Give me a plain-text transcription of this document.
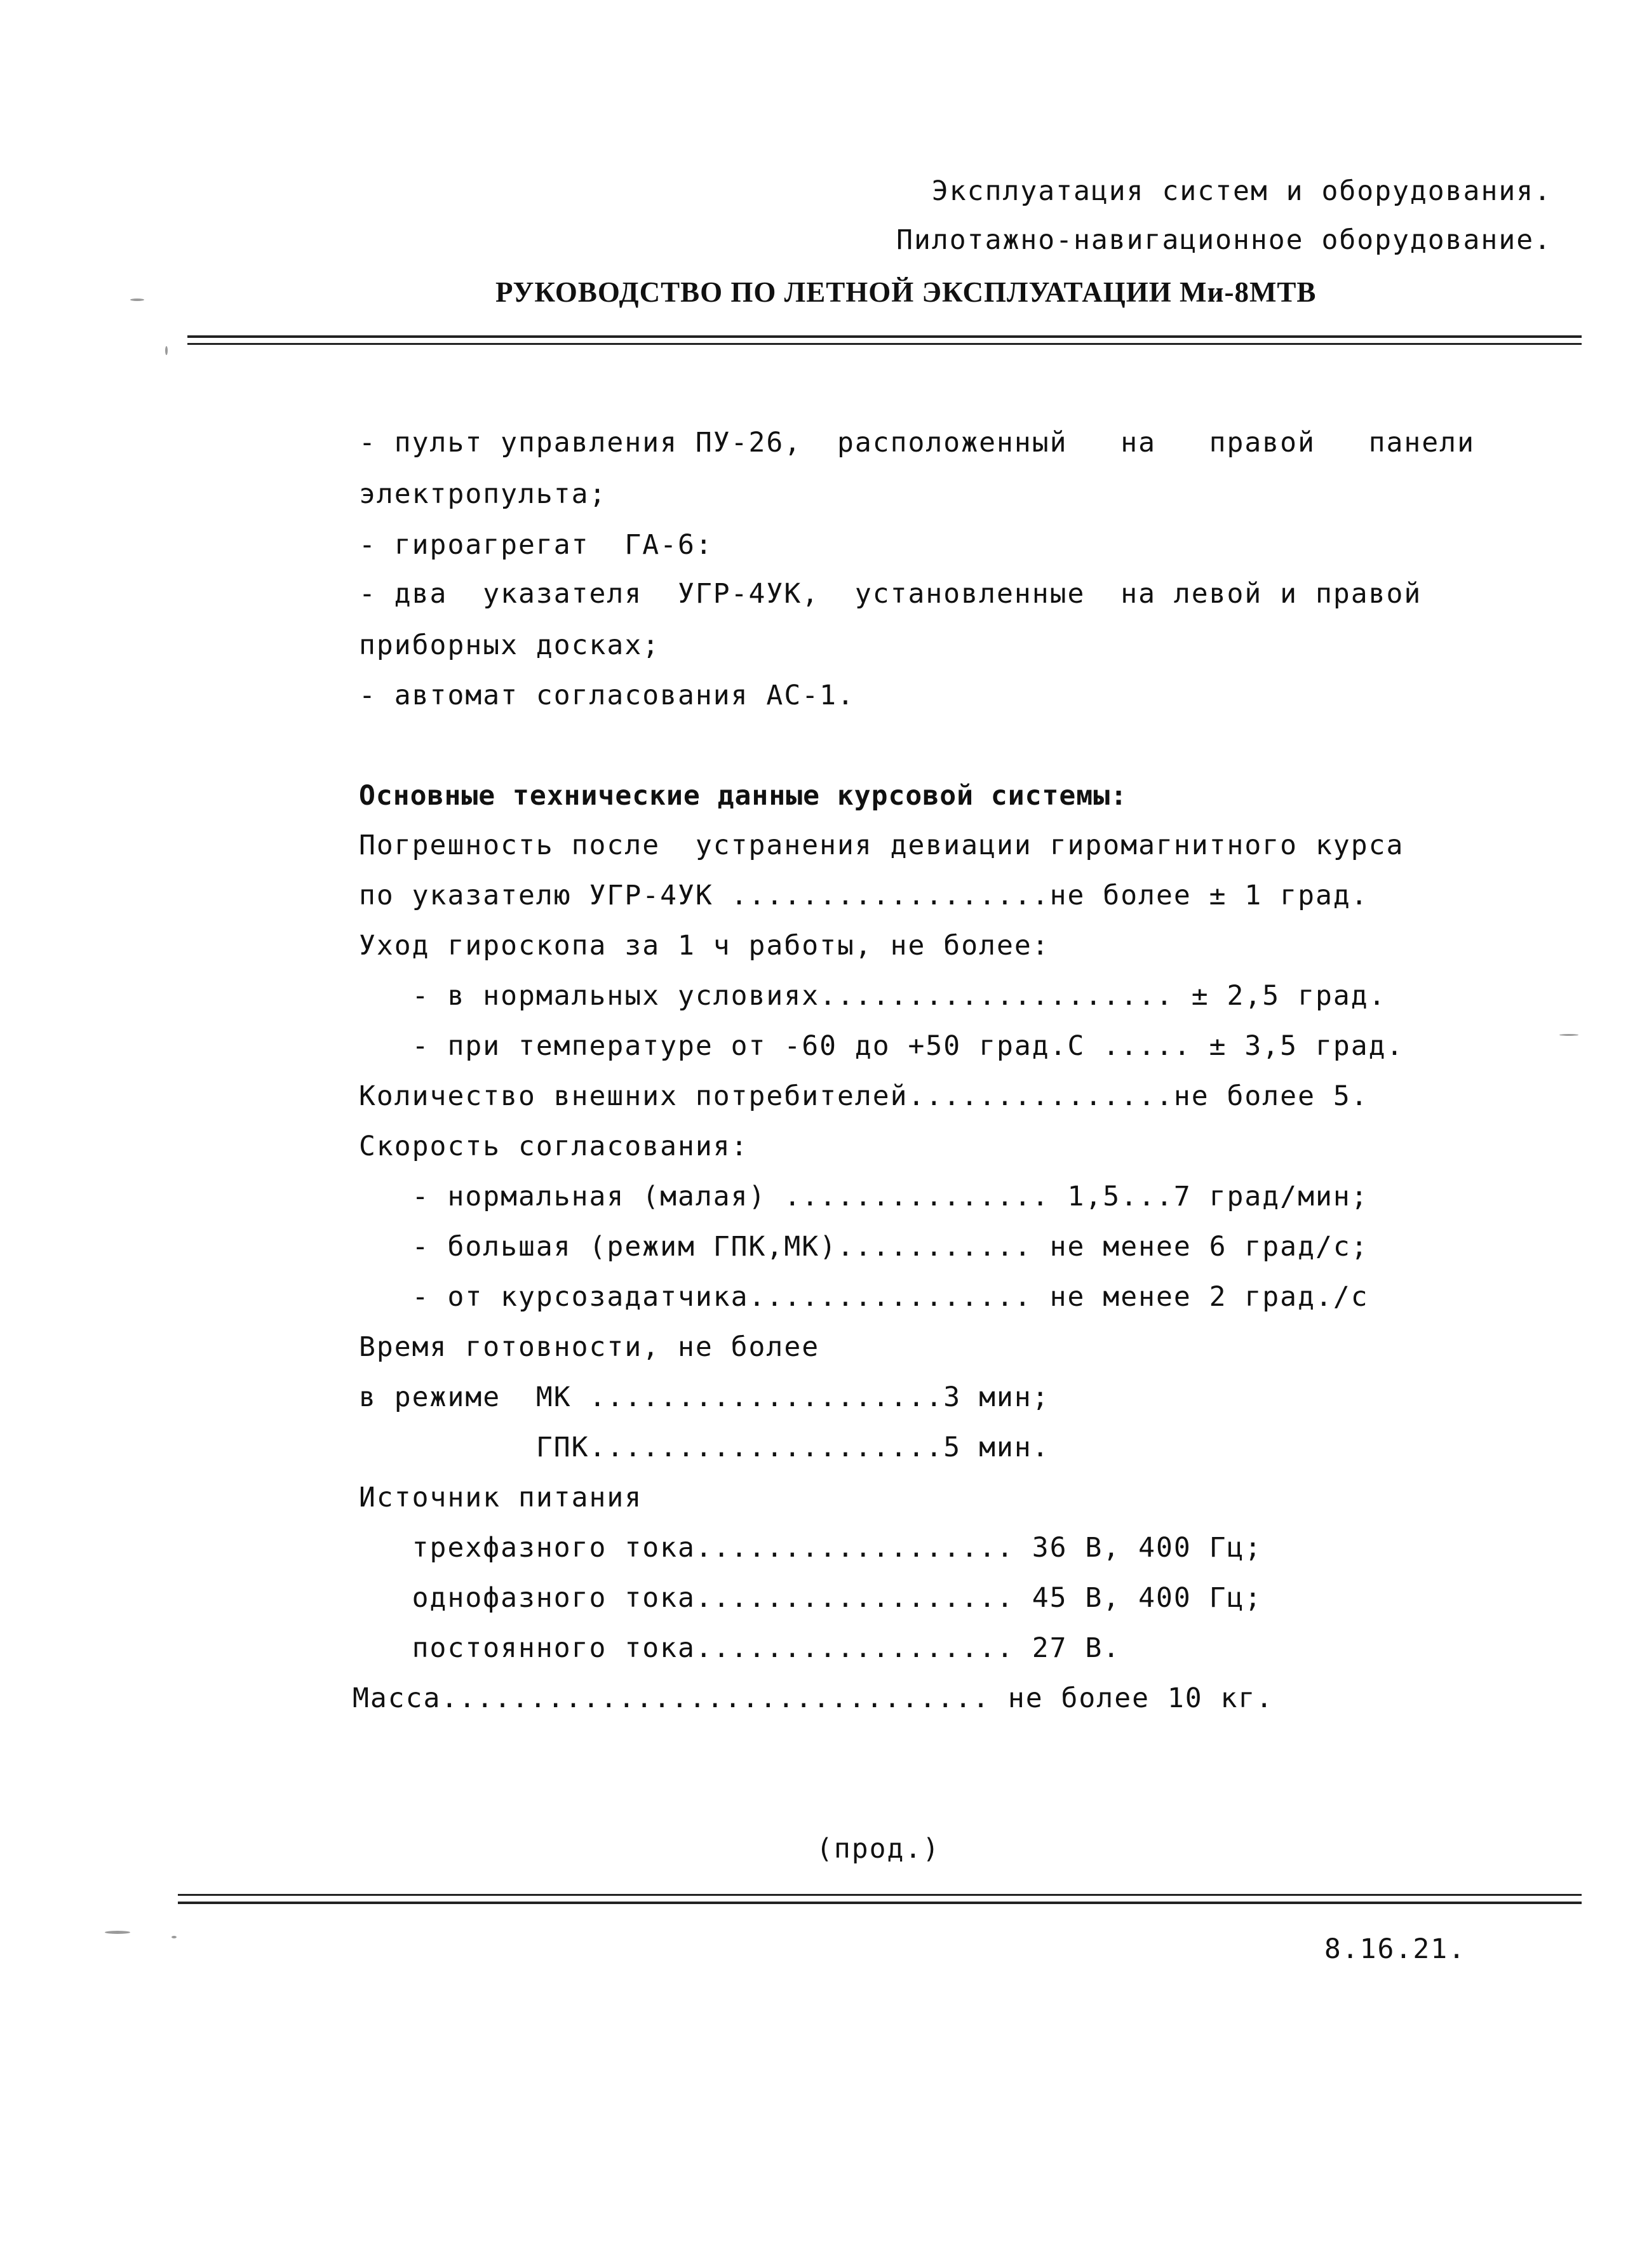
Эксплуатация систем и оборудования.
Пилотажно-навигационное оборудование.
РУКОВОДСТВО ПО ЛЕТНОЙ ЭКСПЛУАТАЦИИ Ми-8МТВ
- пульт управления ПУ-26,  расположенный   на   правой   панели
электропульта;
- гироагрегат  ГА-6:
- два  указателя  УГР-4УК,  установленные  на левой и правой
приборных досках;
- автомат согласования АС-1.
Основные технические данные курсовой системы:
Погрешность после  устранения девиации гиромагнитного курса
по указателю УГР-4УК ..................не более ± 1 град.
Уход гироскопа за 1 ч работы, не более:
- в нормальных условиях.................... ± 2,5 град.
- при температуре от -60 до +50 град.С ..... ± 3,5 град.
Количество внешних потребителей...............не более 5.
Скорость согласования:
- нормальная (малая) ............... 1,5...7 град/мин;
- большая (режим ГПК,МК)........... не менее 6 град/с;
- от курсозадатчика................ не менее 2 град./с
Время готовности, не более
в режиме  МК ....................3 мин;
ГПК....................5 мин.
Источник питания
трехфазного тока.................. 36 В, 400 Гц;
однофазного тока.................. 45 В, 400 Гц;
постоянного тока.................. 27 В.
Масса............................... не более 10 кг.
(прод.)
8.16.21.
